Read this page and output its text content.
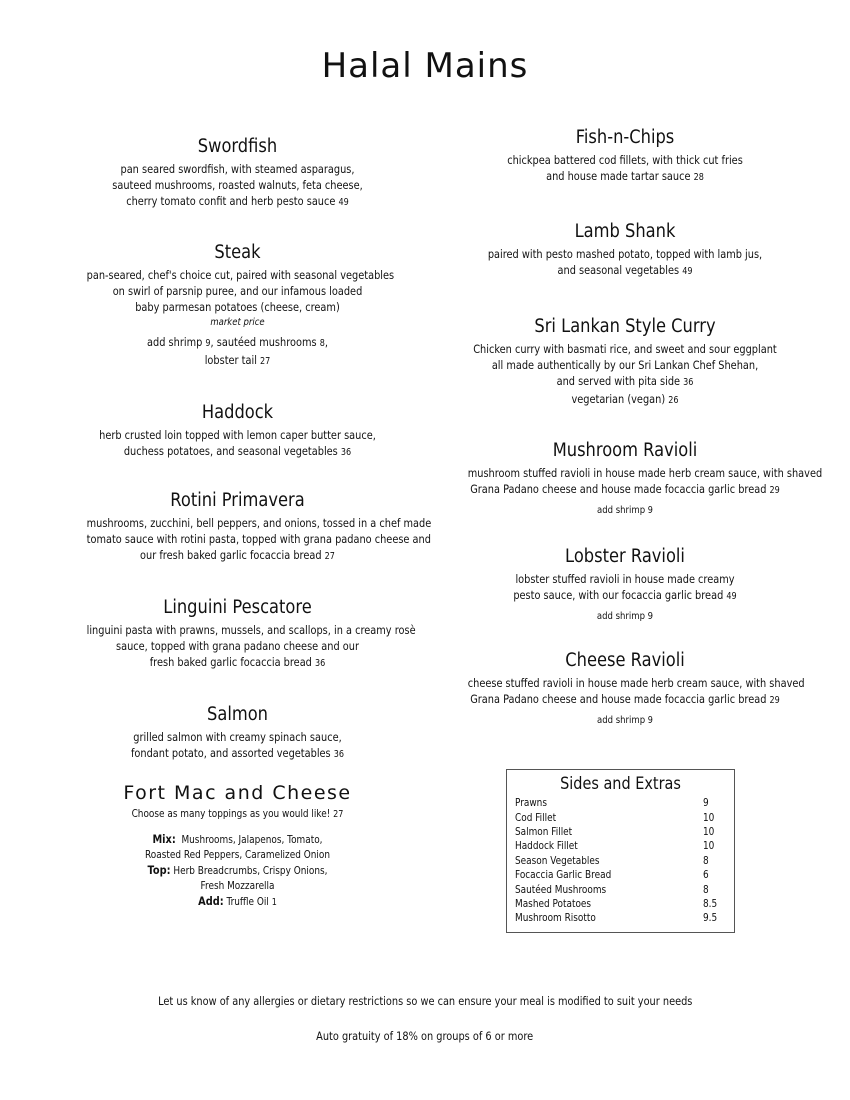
Halal Mains
Swordfish
pan seared swordfish, with steamed asparagus,
sauteed mushrooms, roasted walnuts, feta cheese,
cherry tomato confit and herb pesto sauce 49
Steak
pan-seared, chef's choice cut, paired with seasonal vegetables
on swirl of parsnip puree, and our infamous loaded
baby parmesan potatoes (cheese, cream)
market price
add shrimp 9, sautéed mushrooms 8,
lobster tail 27
Haddock
herb crusted loin topped with lemon caper butter sauce,
duchess potatoes, and seasonal vegetables 36
Rotini Primavera
mushrooms, zucchini, bell peppers, and onions, tossed in a chef made
tomato sauce with rotini pasta, topped with grana padano cheese and
our fresh baked garlic focaccia bread 27
Linguini Pescatore
linguini pasta with prawns, mussels, and scallops, in a creamy rosè
sauce, topped with grana padano cheese and our
fresh baked garlic focaccia bread 36
Salmon
grilled salmon with creamy spinach sauce,
fondant potato, and assorted vegetables 36
Fort Mac and Cheese
Choose as many toppings as you would like! 27
Mix: Mushrooms, Jalapenos, Tomato,
Roasted Red Peppers, Caramelized Onion
Top: Herb Breadcrumbs, Crispy Onions,
Fresh Mozzarella
Add: Truffle Oil 1
Fish-n-Chips
chickpea battered cod fillets, with thick cut fries
and house made tartar sauce 28
Lamb Shank
paired with pesto mashed potato, topped with lamb jus,
and seasonal vegetables 49
Sri Lankan Style Curry
Chicken curry with basmati rice, and sweet and sour eggplant
all made authentically by our Sri Lankan Chef Shehan,
and served with pita side 36
vegetarian (vegan) 26
Mushroom Ravioli
mushroom stuffed ravioli in house made herb cream sauce, with shaved
Grana Padano cheese and house made focaccia garlic bread 29
add shrimp 9
Lobster Ravioli
lobster stuffed ravioli in house made creamy
pesto sauce, with our focaccia garlic bread 49
add shrimp 9
Cheese Ravioli
cheese stuffed ravioli in house made herb cream sauce, with shaved
Grana Padano cheese and house made focaccia garlic bread 29
add shrimp 9
Sides and Extras
Prawns	9
Cod Fillet	10
Salmon Fillet	10
Haddock Fillet	10
Season Vegetables	8
Focaccia Garlic Bread	6
Sautéed Mushrooms	8
Mashed Potatoes	8.5
Mushroom Risotto	9.5
Let us know of any allergies or dietary restrictions so we can ensure your meal is modified to suit your needs
Auto gratuity of 18% on groups of 6 or more
